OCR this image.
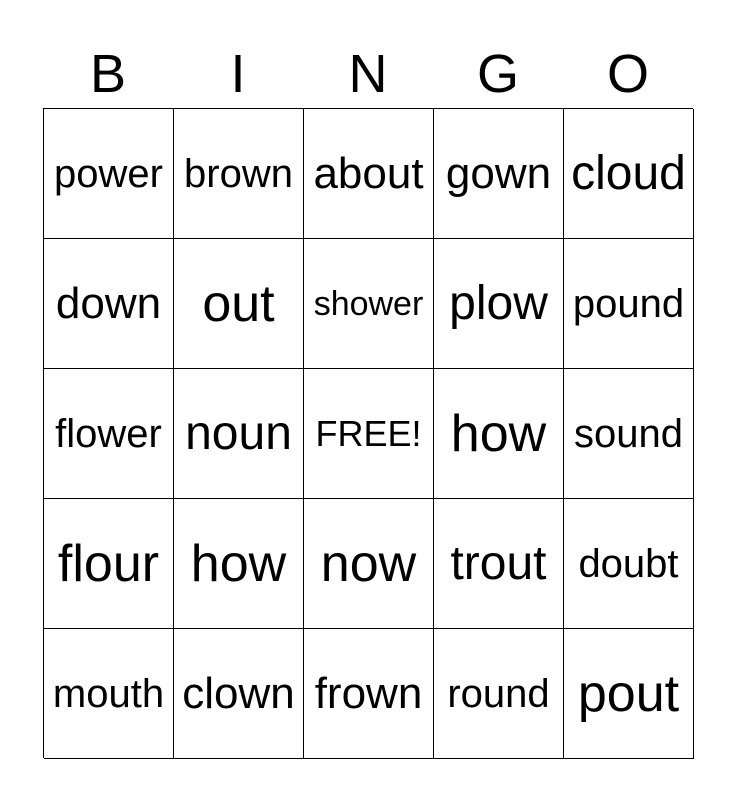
B	I	N	G	O
power brown about gown cloud
down out	shower plow pound
flower noun FREE! how sound
flour how now trout doubt
mouth clown frown round pout
